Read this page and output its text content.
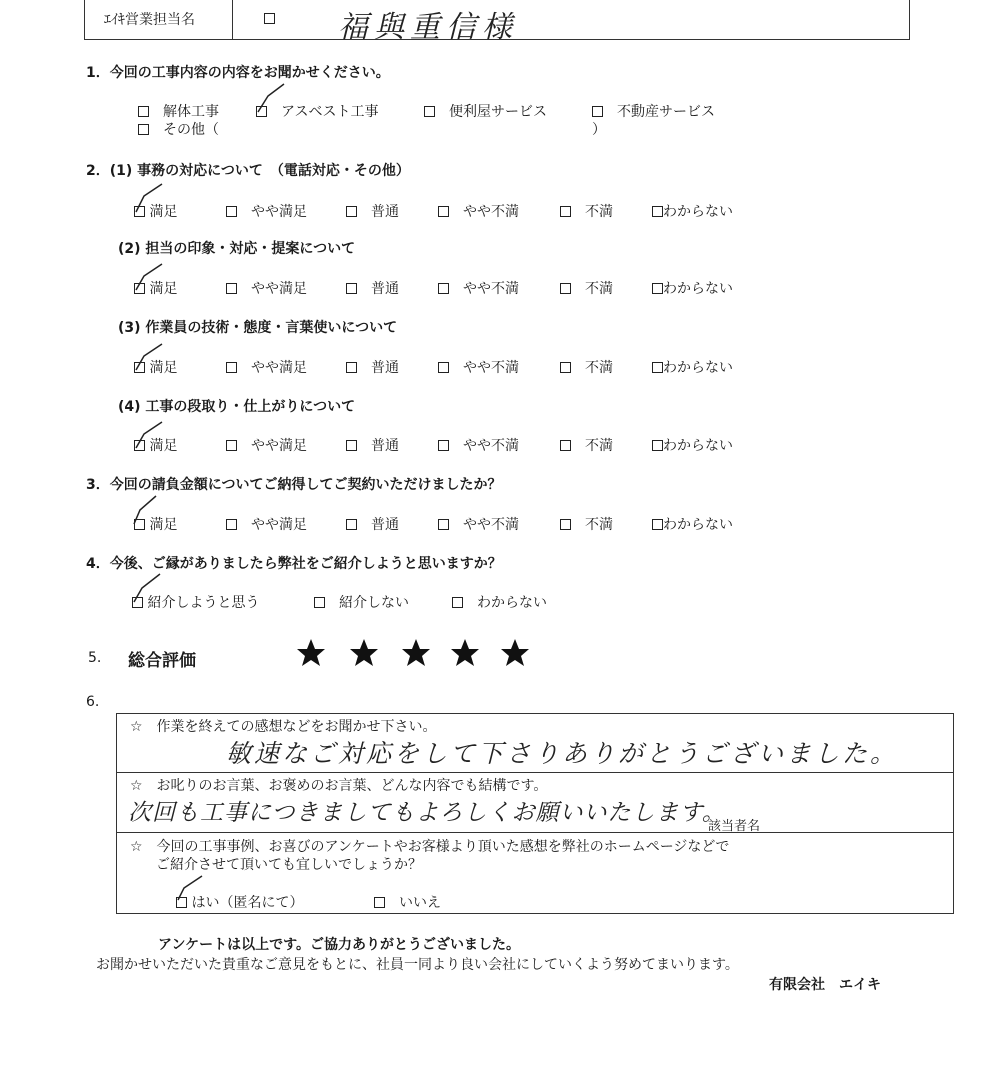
ｴｲｷ営業担当名	福與重信様
1．今回の工事内容の内容をお聞かせください。
　解体工事
　	アスベスト工事
　	便利屋サービス
　	不動産サービス
　その他（	）
2．(1) 事務の対応について　（電話対応・その他）
満足
　	やや満足
　	普通
　	やや不満
　	不満	わからない
(2) 担当の印象・対応・提案について
満足
　	やや満足
　	普通
　	やや不満
　	不満	わからない
(3) 作業員の技術・態度・言葉使いについて
満足
　	やや満足
　	普通
　	やや不満
　	不満	わからない
(4) 工事の段取り・仕上がりについて
満足
　	やや満足
　	普通
　	やや不満
　	不満	わからない
3．今回の請負金額についてご納得してご契約いただけましたか？
満足
　	やや満足
　	普通
　	やや不満
　	不満	わからない
4．今後、ご縁がありましたら弊社をご紹介しようと思いますか？
紹介しようと思う
　	紹介しない
　	わからない
5. 総合評価
6.
☆　作業を終えての感想などをお聞かせ下さい。
敏速なご対応をして下さりありがとうございました。
☆　お叱りのお言葉、お褒めのお言葉、どんな内容でも結構です。
次回も工事につきましてもよろしくお願いいたします。
該当者名
☆　今回の工事事例、お喜びのアンケートやお客様より頂いた感想を弊社のホームページなどで
ご紹介させて頂いても宜しいでしょうか？
はい（匿名にて）
　	いいえ
アンケートは以上です。ご協力ありがとうございました。
お聞かせいただいた貴重なご意見をもとに、社員一同より良い会社にしていくよう努めてまいります。
有限会社　エイキ
